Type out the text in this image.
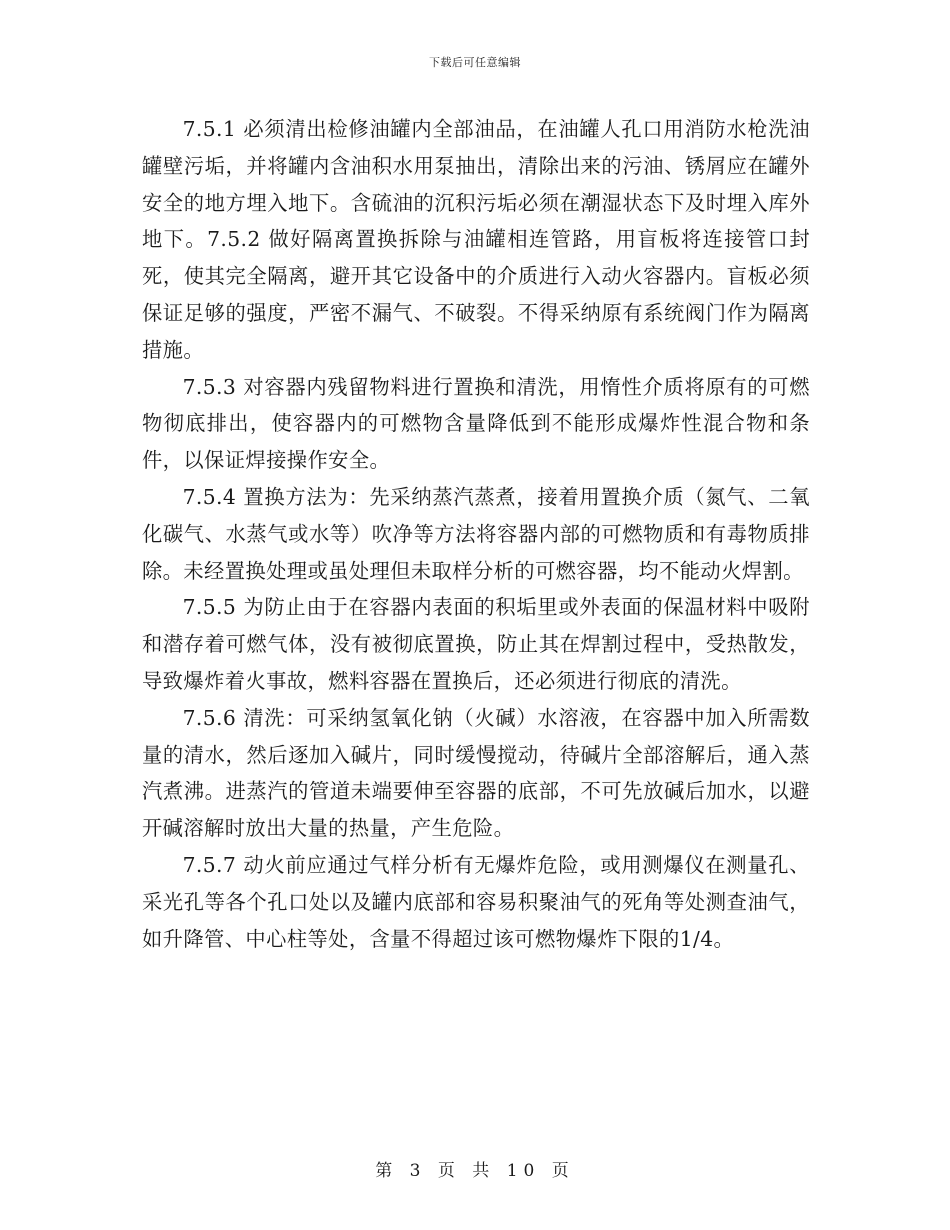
下载后可任意编辑

7.5.1 必须清出检修油罐内全部油品，在油罐人孔口用消防水枪洗油罐壁污垢，并将罐内含油积水用泵抽出，清除出来的污油、锈屑应在罐外安全的地方埋入地下。含硫油的沉积污垢必须在潮湿状态下及时埋入库外地下。7.5.2 做好隔离置换拆除与油罐相连管路，用盲板将连接管口封死，使其完全隔离，避开其它设备中的介质进行入动火容器内。盲板必须保证足够的强度，严密不漏气、不破裂。不得采纳原有系统阀门作为隔离措施。

7.5.3 对容器内残留物料进行置换和清洗，用惰性介质将原有的可燃物彻底排出，使容器内的可燃物含量降低到不能形成爆炸性混合物和条件，以保证焊接操作安全。

7.5.4 置换方法为：先采纳蒸汽蒸煮，接着用置换介质（氮气、二氧化碳气、水蒸气或水等）吹净等方法将容器内部的可燃物质和有毒物质排除。未经置换处理或虽处理但未取样分析的可燃容器，均不能动火焊割。

7.5.5 为防止由于在容器内表面的积垢里或外表面的保温材料中吸附和潜存着可燃气体，没有被彻底置换，防止其在焊割过程中，受热散发，导致爆炸着火事故，燃料容器在置换后，还必须进行彻底的清洗。

7.5.6 清洗：可采纳氢氧化钠（火碱）水溶液，在容器中加入所需数量的清水，然后逐加入碱片，同时缓慢搅动，待碱片全部溶解后，通入蒸汽煮沸。进蒸汽的管道未端要伸至容器的底部，不可先放碱后加水，以避开碱溶解时放出大量的热量，产生危险。

7.5.7 动火前应通过气样分析有无爆炸危险，或用测爆仪在测量孔、采光孔等各个孔口处以及罐内底部和容易积聚油气的死角等处测查油气，如升降管、中心柱等处，含量不得超过该可燃物爆炸下限的1/4。

第 3 页 共 10 页
